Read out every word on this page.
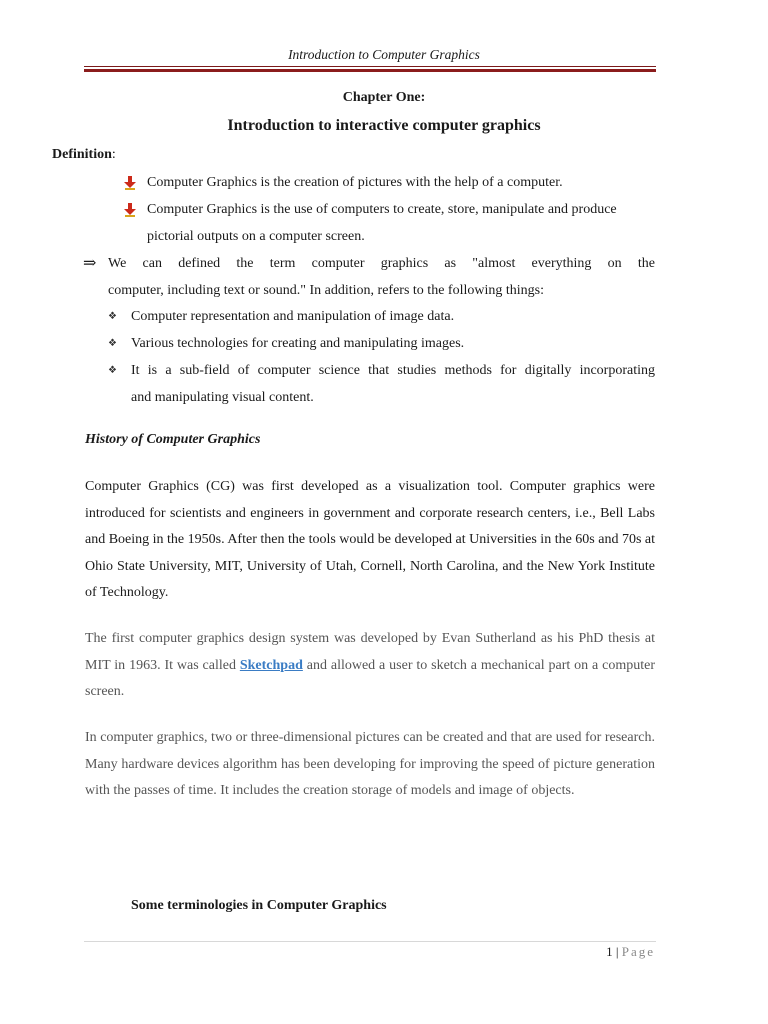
Introduction to Computer Graphics
Chapter One:
Introduction to interactive computer graphics
Definition:
Computer Graphics is the creation of pictures with the help of a computer.
Computer Graphics is the use of computers to create, store, manipulate and produce
pictorial outputs on a computer screen.
⇒ We can defined the term computer graphics as "almost everything on the
computer, including text or sound." In addition, refers to the following things:
❖ Computer representation and manipulation of image data.
❖ Various technologies for creating and manipulating images.
❖ It is a sub-field of computer science that studies methods for digitally incorporating
and manipulating visual content.
History of Computer Graphics
Computer Graphics (CG) was first developed as a visualization tool. Computer graphics were introduced for scientists and engineers in government and corporate research centers, i.e., Bell Labs and Boeing in the 1950s. After then the tools would be developed at Universities in the 60s and 70s at Ohio State University, MIT, University of Utah, Cornell, North Carolina, and the New York Institute of Technology.
The first computer graphics design system was developed by Evan Sutherland as his PhD thesis at MIT in 1963. It was called Sketchpad and allowed a user to sketch a mechanical part on a computer screen.
In computer graphics, two or three-dimensional pictures can be created and that are used for research. Many hardware devices algorithm has been developing for improving the speed of picture generation with the passes of time. It includes the creation storage of models and image of objects.
Some terminologies in Computer Graphics
1 | Page
